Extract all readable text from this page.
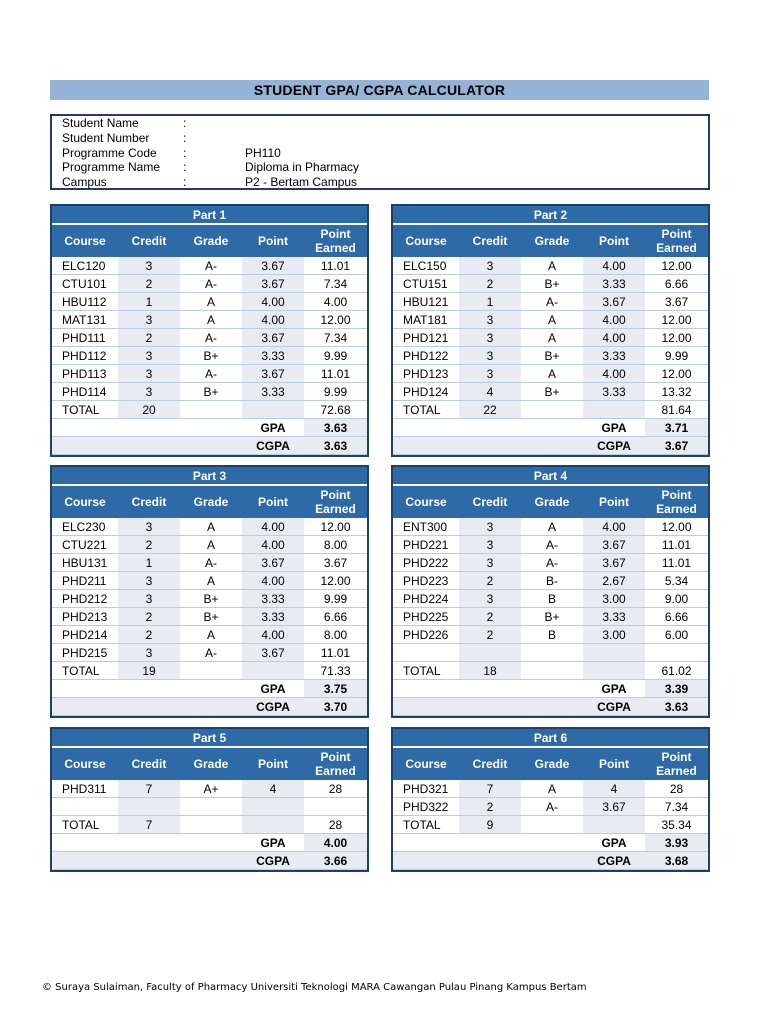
STUDENT GPA/ CGPA CALCULATOR
Student Name	:
Student Number	:
Programme Code :	PH110
Programme Name :	Diploma in Pharmacy
Campus	:	P2 - Bertam Campus
Part 1				
Course	Credit	Grade	Point	Point
Earned
ELC120	3	A-	3.67	11.01
CTU101	2	A-	3.67	7.34
HBU112	1	A	4.00	4.00
MAT131	3	A	4.00	12.00
PHD111	2	A-	3.67	7.34
PHD112	3	B+	3.33	9.99
PHD113	3	A-	3.67	11.01
PHD114	3	B+	3.33	9.99
TOTAL	20			72.68
			GPA	3.63
			CGPA	3.63
Part 2				
Course	Credit	Grade	Point	Point
Earned
ELC150	3	A	4.00	12.00
CTU151	2	B+	3.33	6.66
HBU121	1	A-	3.67	3.67
MAT181	3	A	4.00	12.00
PHD121	3	A	4.00	12.00
PHD122	3	B+	3.33	9.99
PHD123	3	A	4.00	12.00
PHD124	4	B+	3.33	13.32
TOTAL	22			81.64
			GPA	3.71
			CGPA	3.67
Part 3				
Course	Credit	Grade	Point	Point
Earned
ELC230	3	A	4.00	12.00
CTU221	2	A	4.00	8.00
HBU131	1	A-	3.67	3.67
PHD211	3	A	4.00	12.00
PHD212	3	B+	3.33	9.99
PHD213	2	B+	3.33	6.66
PHD214	2	A	4.00	8.00
PHD215	3	A-	3.67	11.01
TOTAL	19			71.33
			GPA	3.75
			CGPA	3.70
Part 4				
Course	Credit	Grade	Point	Point
Earned
ENT300	3	A	4.00	12.00
PHD221	3	A-	3.67	11.01
PHD222	3	A-	3.67	11.01
PHD223	2	B-	2.67	5.34
PHD224	3	B	3.00	9.00
PHD225	2	B+	3.33	6.66
PHD226	2	B	3.00	6.00

TOTAL	18			61.02
			GPA	3.39
			CGPA	3.63
Part 5				
Course	Credit	Grade	Point	Point
Earned
PHD311	7	A+	4	28

TOTAL	7			28
			GPA	4.00
			CGPA	3.66
Part 6				
Course	Credit	Grade	Point	Point
Earned
PHD321	7	A	4	28
PHD322	2	A-	3.67	7.34
TOTAL	9			35.34
			GPA	3.93
			CGPA	3.68
© Suraya Sulaiman, Faculty of Pharmacy Universiti Teknologi MARA Cawangan Pulau Pinang Kampus Bertam
